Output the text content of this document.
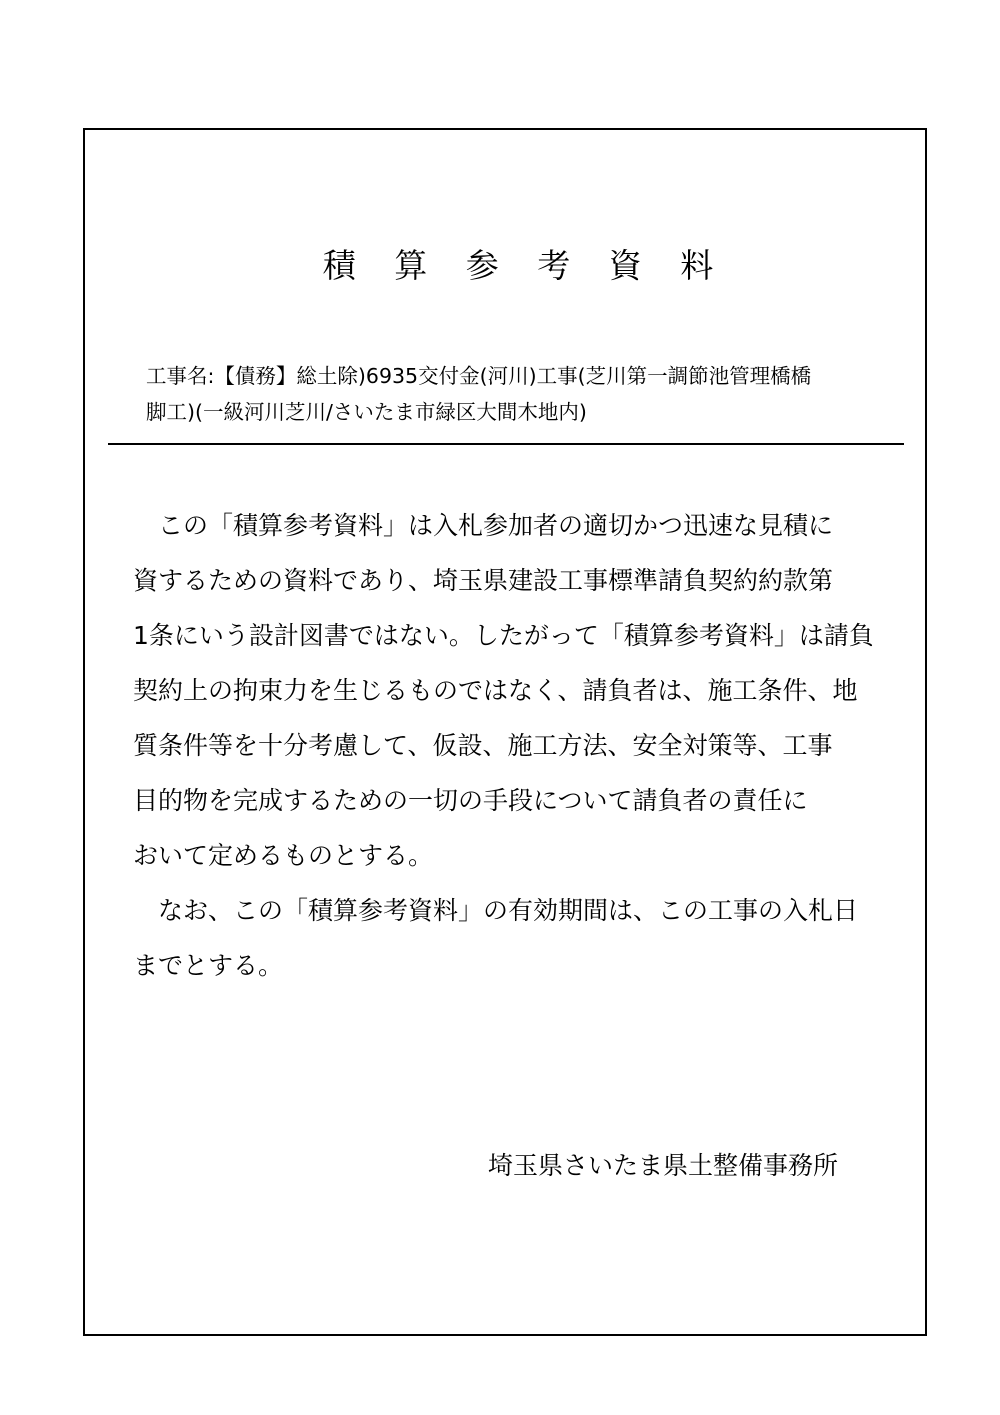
積 算 参 考 資 料
工事名:【債務】総土除)6935交付金(河川)工事(芝川第一調節池管理橋橋
脚工)(一級河川芝川/さいたま市緑区大間木地内)
　この「積算参考資料」は入札参加者の適切かつ迅速な見積に
資するための資料であり、埼玉県建設工事標準請負契約約款第
1条にいう設計図書ではない。したがって「積算参考資料」は請負
契約上の拘束力を生じるものではなく、請負者は、施工条件、地
質条件等を十分考慮して、仮設、施工方法、安全対策等、工事
目的物を完成するための一切の手段について請負者の責任に
おいて定めるものとする。
　なお、この「積算参考資料」の有効期間は、この工事の入札日
までとする。
埼玉県さいたま県土整備事務所
